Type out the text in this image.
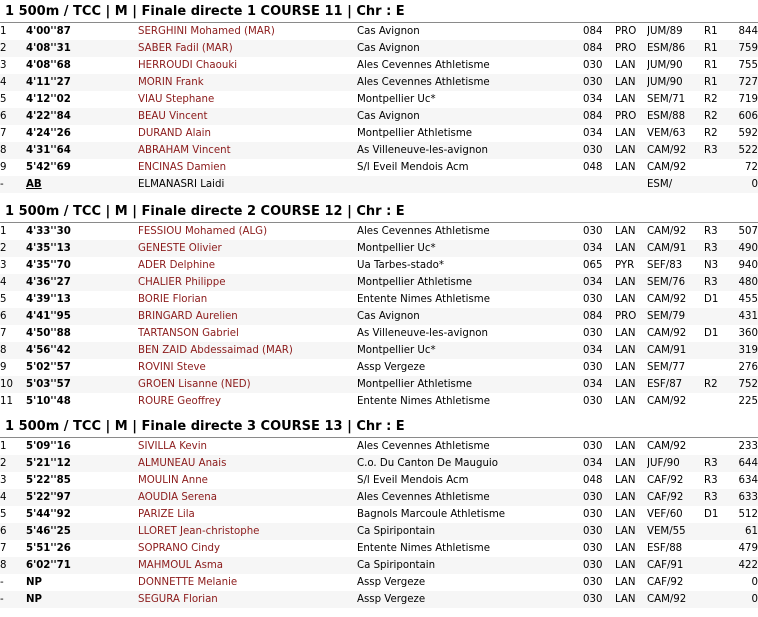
1 500m / TCC | M | Finale directe 1 COURSE 11 | Chr : E
1	4'00''87	SERGHINI Mohamed (MAR)	Cas Avignon	084	PRO	JUM/89	R1	844
2	4'08''31	SABER Fadil (MAR)	Cas Avignon	084	PRO	ESM/86	R1	759
3	4'08''68	HERROUDI Chaouki	Ales Cevennes Athletisme	030	LAN	JUM/90	R1	755
4	4'11''27	MORIN Frank	Ales Cevennes Athletisme	030	LAN	JUM/90	R1	727
5	4'12''02	VIAU Stephane	Montpellier Uc*	034	LAN	SEM/71	R2	719
6	4'22''84	BEAU Vincent	Cas Avignon	084	PRO	ESM/88	R2	606
7	4'24''26	DURAND Alain	Montpellier Athletisme	034	LAN	VEM/63	R2	592
8	4'31''64	ABRAHAM Vincent	As Villeneuve-les-avignon	030	LAN	CAM/92	R3	522
9	5'42''69	ENCINAS Damien	S/l Eveil Mendois Acm	048	LAN	CAM/92		72
-	AB	ELMANASRI Laidi				ESM/		0
1 500m / TCC | M | Finale directe 2 COURSE 12 | Chr : E
1	4'33''30	FESSIOU Mohamed (ALG)	Ales Cevennes Athletisme	030	LAN	CAM/92	R3	507
2	4'35''13	GENESTE Olivier	Montpellier Uc*	034	LAN	CAM/91	R3	490
3	4'35''70	ADER Delphine	Ua Tarbes-stado*	065	PYR	SEF/83	N3	940
4	4'36''27	CHALIER Philippe	Montpellier Athletisme	034	LAN	SEM/76	R3	480
5	4'39''13	BORIE Florian	Entente Nimes Athletisme	030	LAN	CAM/92	D1	455
6	4'41''95	BRINGARD Aurelien	Cas Avignon	084	PRO	SEM/79		431
7	4'50''88	TARTANSON Gabriel	As Villeneuve-les-avignon	030	LAN	CAM/92	D1	360
8	4'56''42	BEN ZAID Abdessaimad (MAR)	Montpellier Uc*	034	LAN	CAM/91		319
9	5'02''57	ROVINI Steve	Assp Vergeze	030	LAN	SEM/77		276
10	5'03''57	GROEN Lisanne (NED)	Montpellier Athletisme	034	LAN	ESF/87	R2	752
11	5'10''48	ROURE Geoffrey	Entente Nimes Athletisme	030	LAN	CAM/92		225
1 500m / TCC | M | Finale directe 3 COURSE 13 | Chr : E
1	5'09''16	SIVILLA Kevin	Ales Cevennes Athletisme	030	LAN	CAM/92		233
2	5'21''12	ALMUNEAU Anais	C.o. Du Canton De Mauguio	034	LAN	JUF/90	R3	644
3	5'22''85	MOULIN Anne	S/l Eveil Mendois Acm	048	LAN	CAF/92	R3	634
4	5'22''97	AOUDIA Serena	Ales Cevennes Athletisme	030	LAN	CAF/92	R3	633
5	5'44''92	PARIZE Lila	Bagnols Marcoule Athletisme	030	LAN	VEF/60	D1	512
6	5'46''25	LLORET Jean-christophe	Ca Spiripontain	030	LAN	VEM/55		61
7	5'51''26	SOPRANO Cindy	Entente Nimes Athletisme	030	LAN	ESF/88		479
8	6'02''71	MAHMOUL Asma	Ca Spiripontain	030	LAN	CAF/91		422
-	NP	DONNETTE Melanie	Assp Vergeze	030	LAN	CAF/92		0
-	NP	SEGURA Florian	Assp Vergeze	030	LAN	CAM/92		0
